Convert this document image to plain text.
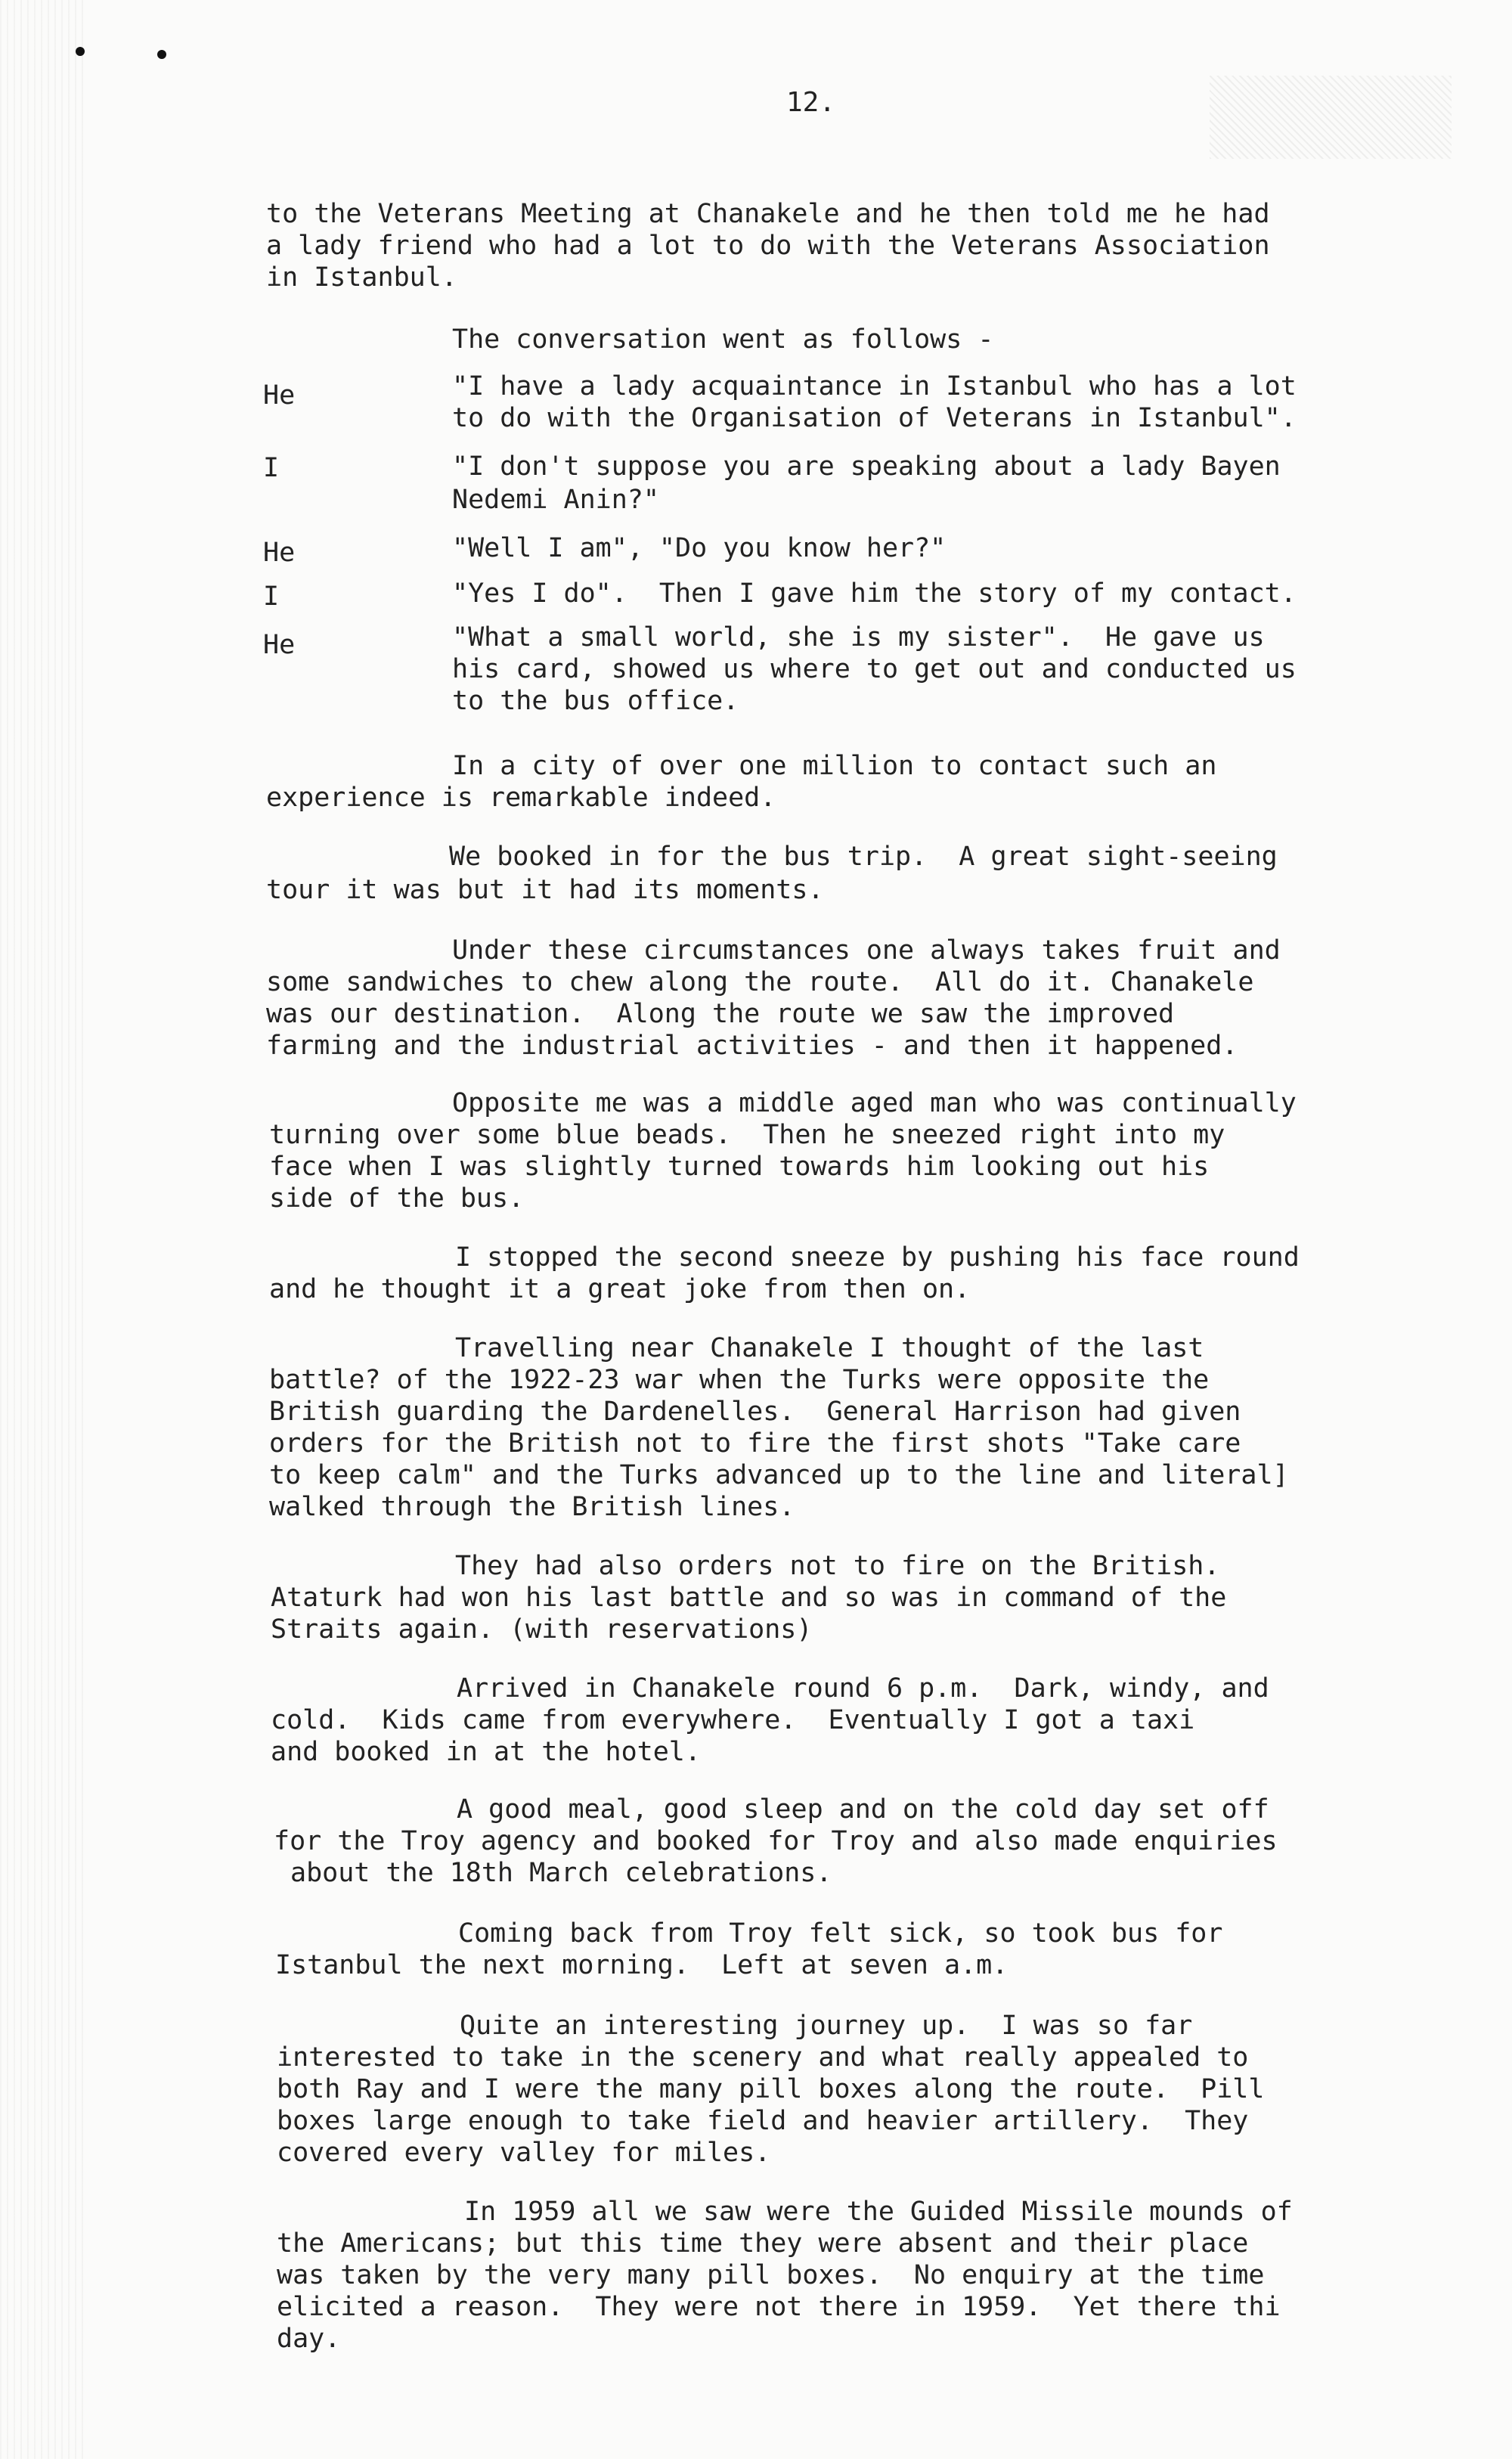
12.
to the Veterans Meeting at Chanakele and he then told me he had
a lady friend who had a lot to do with the Veterans Association
in Istanbul.
The conversation went as follows -
He	"I have a lady acquaintance in Istanbul who has a lot
to do with the Organisation of Veterans in Istanbul".
I	"I don't suppose you are speaking about a lady Bayen
Nedemi Anin?"
He	"Well I am", "Do you know her?"
I	"Yes I do".  Then I gave him the story of my contact.
He	"What a small world, she is my sister".  He gave us
his card, showed us where to get out and conducted us
to the bus office.
In a city of over one million to contact such an
experience is remarkable indeed.
We booked in for the bus trip.  A great sight-seeing
tour it was but it had its moments.
Under these circumstances one always takes fruit and
some sandwiches to chew along the route.  All do it. Chanakele
was our destination.  Along the route we saw the improved
farming and the industrial activities - and then it happened.
Opposite me was a middle aged man who was continually
turning over some blue beads.  Then he sneezed right into my
face when I was slightly turned towards him looking out his
side of the bus.
I stopped the second sneeze by pushing his face round
and he thought it a great joke from then on.
Travelling near Chanakele I thought of the last
battle? of the 1922-23 war when the Turks were opposite the
British guarding the Dardenelles.  General Harrison had given
orders for the British not to fire the first shots "Take care
to keep calm" and the Turks advanced up to the line and literal]
walked through the British lines.
They had also orders not to fire on the British.
Ataturk had won his last battle and so was in command of the
Straits again. (with reservations)
Arrived in Chanakele round 6 p.m.  Dark, windy, and
cold.  Kids came from everywhere.  Eventually I got a taxi
and booked in at the hotel.
A good meal, good sleep and on the cold day set off
for the Troy agency and booked for Troy and also made enquiries
about the 18th March celebrations.
Coming back from Troy felt sick, so took bus for
Istanbul the next morning.  Left at seven a.m.
Quite an interesting journey up.  I was so far
interested to take in the scenery and what really appealed to
both Ray and I were the many pill boxes along the route.  Pill
boxes large enough to take field and heavier artillery.  They
covered every valley for miles.
In 1959 all we saw were the Guided Missile mounds of
the Americans; but this time they were absent and their place
was taken by the very many pill boxes.  No enquiry at the time
elicited a reason.  They were not there in 1959.  Yet there thi
day.
